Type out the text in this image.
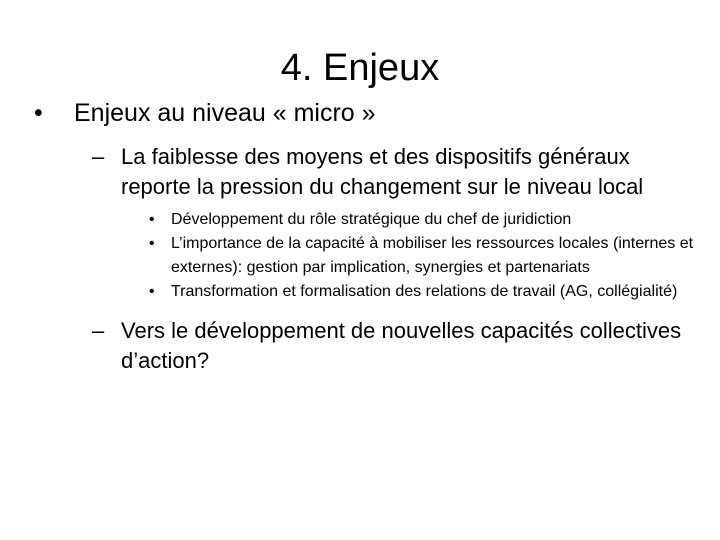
4. Enjeux
•	Enjeux au niveau « micro »
– La faiblesse des moyens et des dispositifs généraux reporte la pression du changement sur le niveau local
• Développement du rôle stratégique du chef de juridiction
• L’importance de la capacité à mobiliser les ressources locales (internes et externes): gestion par implication, synergies et partenariats
• Transformation et formalisation des relations de travail (AG, collégialité)
– Vers le développement de nouvelles capacités collectives d’action?
